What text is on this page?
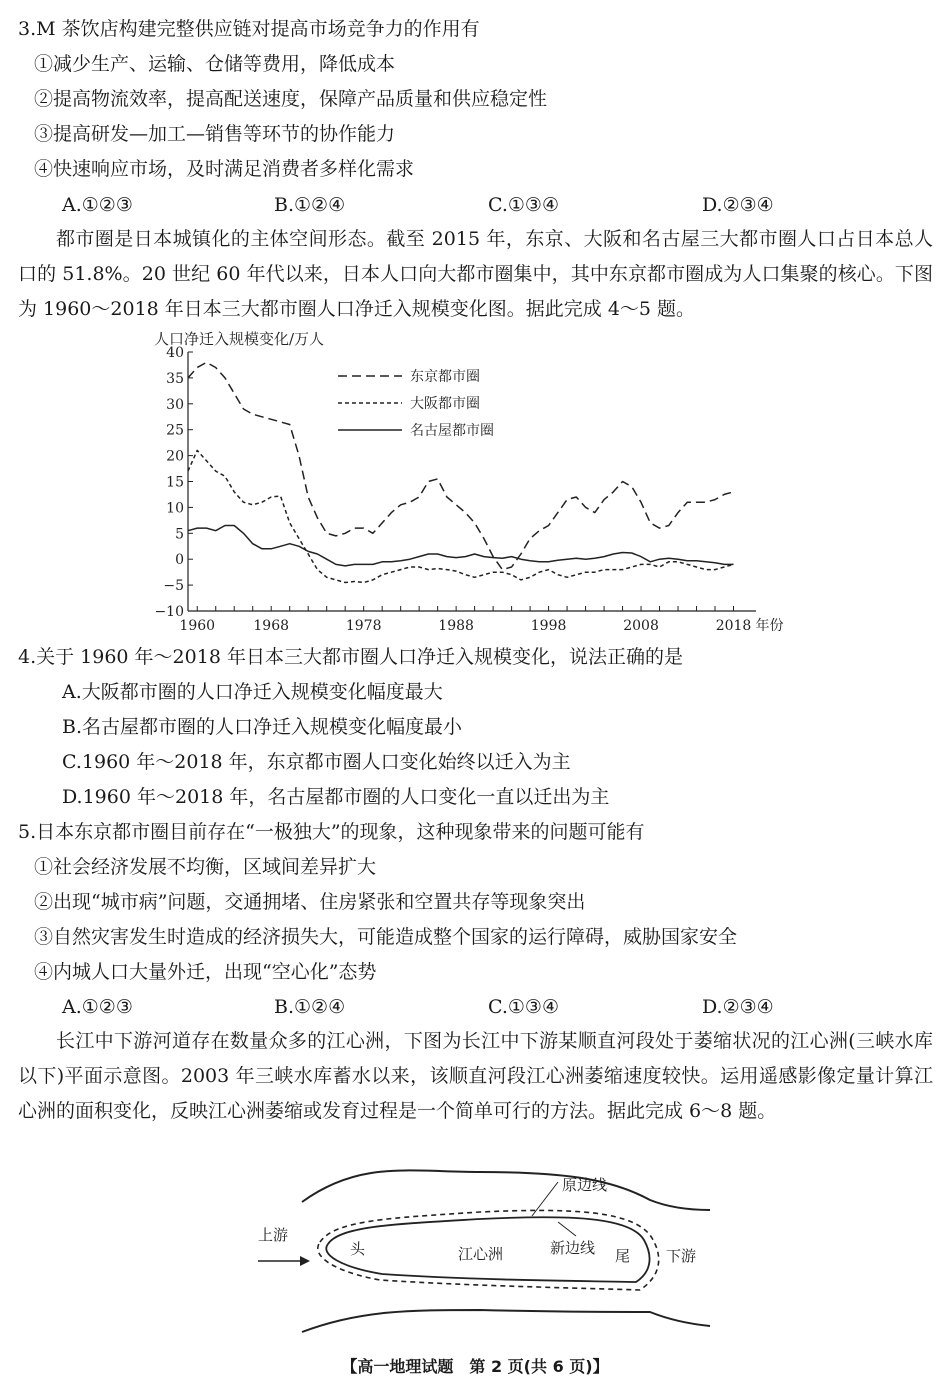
3.M 茶饮店构建完整供应链对提高市场竞争力的作用有
①减少生产、运输、仓储等费用，降低成本
②提高物流效率，提高配送速度，保障产品质量和供应稳定性
③提高研发—加工—销售等环节的协作能力
④快速响应市场，及时满足消费者多样化需求
A.①②③	B.①②④	C.①③④	D.②③④
都市圈是日本城镇化的主体空间形态。截至 2015 年，东京、大阪和名古屋三大都市圈人口占日本总人口的 51.8%。20 世纪 60 年代以来，日本人口向大都市圈集中，其中东京都市圈成为人口集聚的核心。下图为 1960～2018 年日本三大都市圈人口净迁入规模变化图。据此完成 4～5 题。
人口净迁入规模变化/万人
40
35
30
25
20
15
10
5
0
−5
−10
1960	1968	1978	1988	1998	2008	2018 年份
东京都市圈
大阪都市圈
名古屋都市圈
4.关于 1960 年～2018 年日本三大都市圈人口净迁入规模变化，说法正确的是
A.大阪都市圈的人口净迁入规模变化幅度最大
B.名古屋都市圈的人口净迁入规模变化幅度最小
C.1960 年～2018 年，东京都市圈人口变化始终以迁入为主
D.1960 年～2018 年，名古屋都市圈的人口变化一直以迁出为主
5.日本东京都市圈目前存在“一极独大”的现象，这种现象带来的问题可能有
①社会经济发展不均衡，区域间差异扩大
②出现“城市病”问题，交通拥堵、住房紧张和空置共存等现象突出
③自然灾害发生时造成的经济损失大，可能造成整个国家的运行障碍，威胁国家安全
④内城人口大量外迁，出现“空心化”态势
A.①②③	B.①②④	C.①③④	D.②③④
长江中下游河道存在数量众多的江心洲，下图为长江中下游某顺直河段处于萎缩状况的江心洲(三峡水库以下)平面示意图。2003 年三峡水库蓄水以来，该顺直河段江心洲萎缩速度较快。运用遥感影像定量计算江心洲的面积变化，反映江心洲萎缩或发育过程是一个简单可行的方法。据此完成 6～8 题。
上游
头	江心洲	新边线 尾
原边线
下游
【高一地理试题　第 2 页(共 6 页)】
